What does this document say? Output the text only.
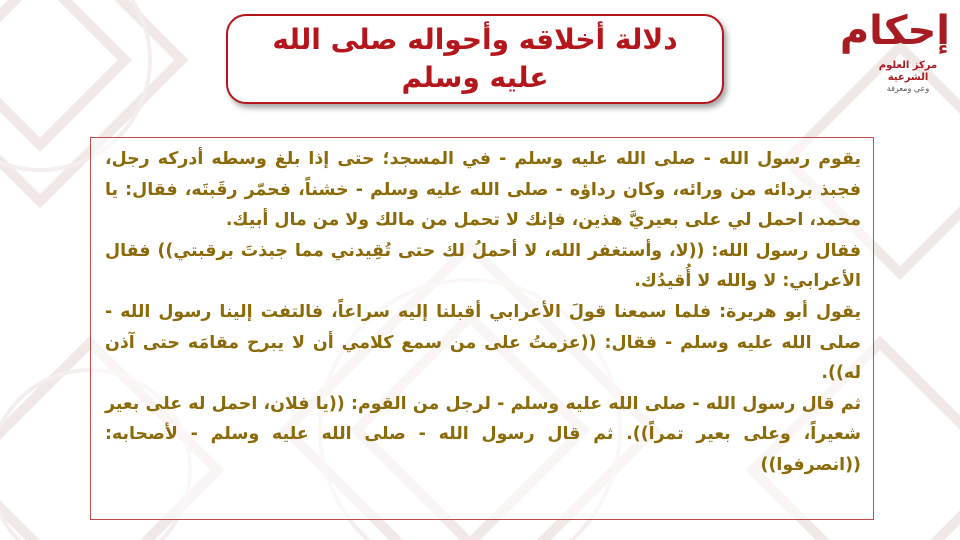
إحكام
مركز العلوم الشرعية
وعي ومعرفة
دلالة أخلاقه وأحواله صلى الله عليه وسلم

يقوم رسول الله - صلى الله عليه وسلم - في المسجد؛ حتى إذا بلغ وسطه أدركه رجل، فجبذ بردائه من ورائه، وكان رداؤه - صلى الله عليه وسلم - خشناً، فحمّر رقَبتَه، فقال: يا محمد، احمل لي على بعيريَّ هذين، فإنك لا تحمل من مالك ولا من مال أبيك.

فقال رسول الله: ((لا، وأستغفر الله، لا أحملُ لك حتى تُقِيدني مما جبذتَ برقبتي)) فقال الأعرابي: لا والله لا أُقيدُك.

يقول أبو هريرة: فلما سمعنا قولَ الأعرابي أقبلنا إليه سراعاً، فالتفت إلينا رسول الله - صلى الله عليه وسلم - فقال: ((عزمتُ على من سمع كلامي أن لا يبرح مقامَه حتى آذن له)).

ثم قال رسول الله - صلى الله عليه وسلم - لرجل من القوم: ((يا فلان، احمل له على بعير شعيراً، وعلى بعير تمراً)). ثم قال رسول الله - صلى الله عليه وسلم - لأصحابه: ((انصرفوا))
